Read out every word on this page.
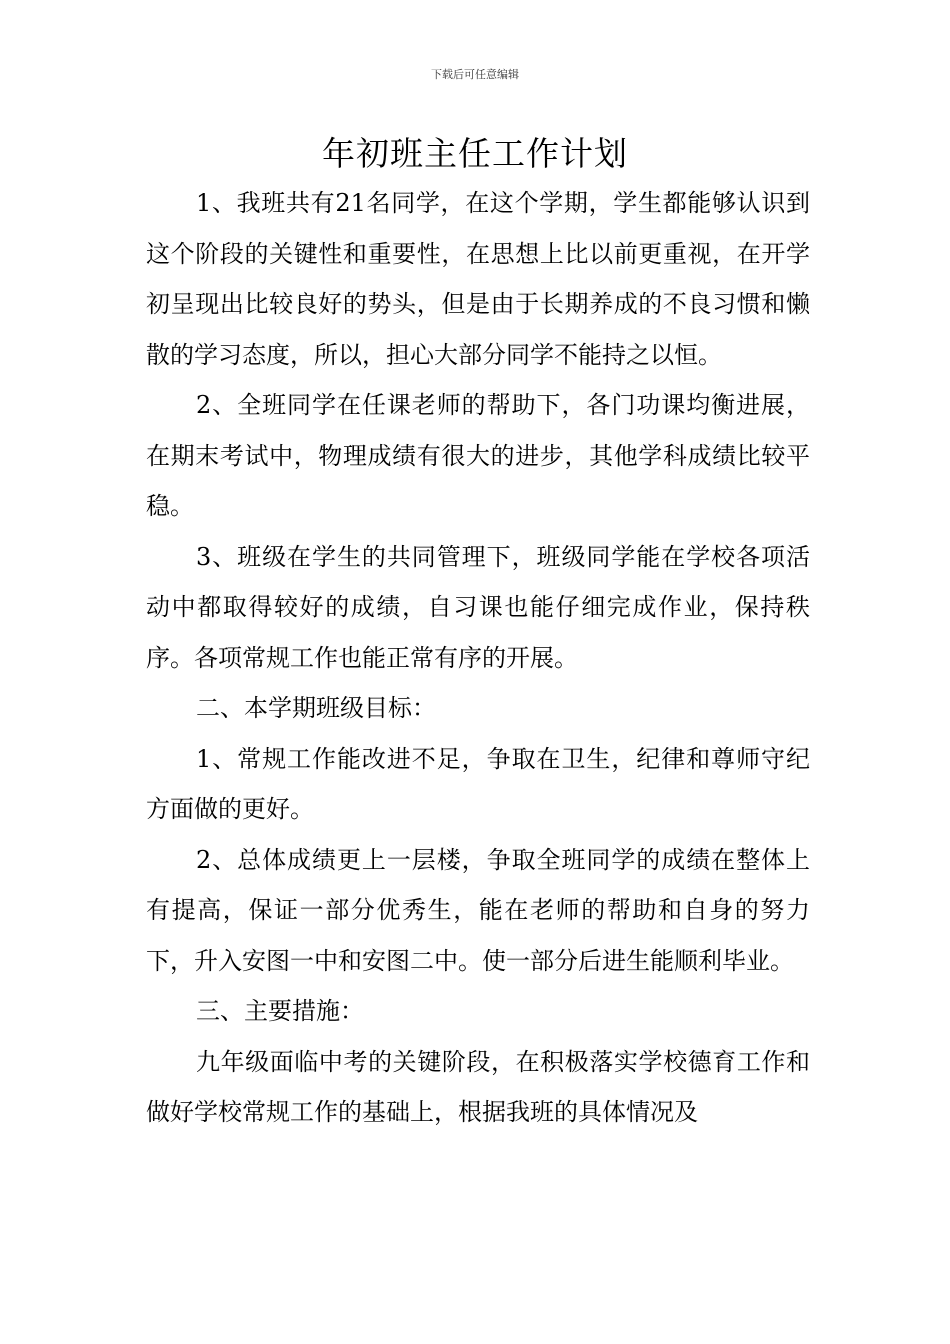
下载后可任意编辑
年初班主任工作计划

1、我班共有21名同学，在这个学期，学生都能够认识到这个阶段的关键性和重要性，在思想上比以前更重视，在开学初呈现出比较良好的势头，但是由于长期养成的不良习惯和懒散的学习态度，所以，担心大部分同学不能持之以恒。

2、全班同学在任课老师的帮助下，各门功课均衡进展，在期末考试中，物理成绩有很大的进步，其他学科成绩比较平稳。

3、班级在学生的共同管理下，班级同学能在学校各项活动中都取得较好的成绩，自习课也能仔细完成作业，保持秩序。各项常规工作也能正常有序的开展。

二、本学期班级目标：

1、常规工作能改进不足，争取在卫生，纪律和尊师守纪方面做的更好。

2、总体成绩更上一层楼，争取全班同学的成绩在整体上有提高，保证一部分优秀生，能在老师的帮助和自身的努力下，升入安图一中和安图二中。使一部分后进生能顺利毕业。

三、主要措施：

九年级面临中考的关键阶段，在积极落实学校德育工作和做好学校常规工作的基础上，根据我班的具体情况及
